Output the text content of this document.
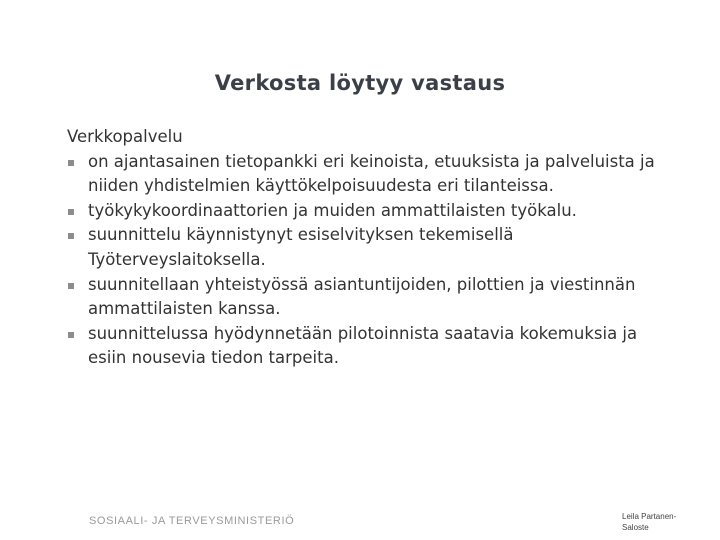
Verkosta löytyy vastaus

Verkkopalvelu

on ajantasainen tietopankki eri keinoista, etuuksista ja palveluista ja niiden yhdistelmien käyttökelpoisuudesta eri tilanteissa.
työkykykoordinaattorien ja muiden ammattilaisten työkalu.
suunnittelu käynnistynyt esiselvityksen tekemisellä Työterveyslaitoksella.
suunnitellaan yhteistyössä asiantuntijoiden, pilottien ja viestinnän ammattilaisten kanssa.
suunnittelussa hyödynnetään pilotoinnista saatavia kokemuksia ja esiin nousevia tiedon tarpeita.
SOSIAALI- JA TERVEYSMINISTERIÖ	Leila Partanen-Saloste
